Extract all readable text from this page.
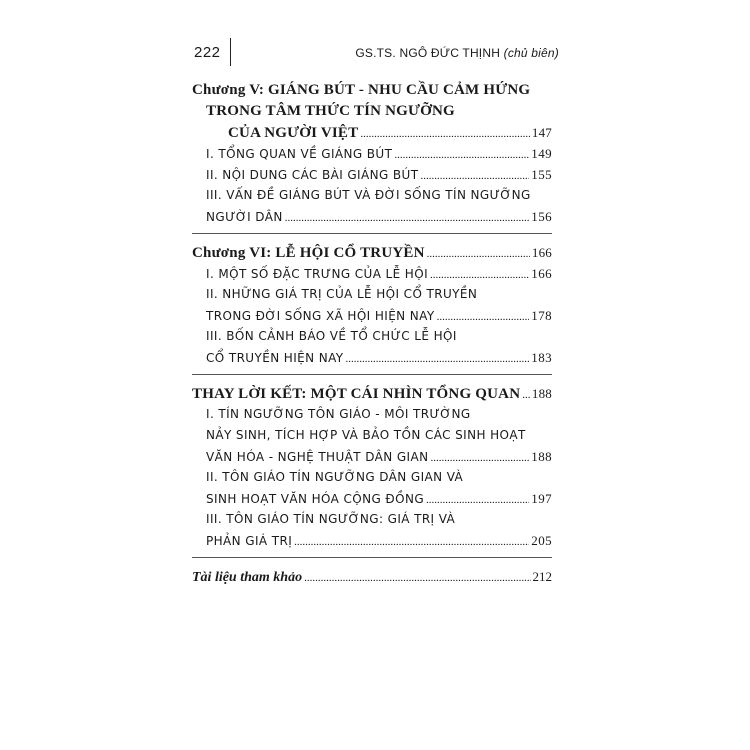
222	GS.TS. NGÔ ĐỨC THỊNH (chủ biên)
Chương V: GIÁNG BÚT - NHU CẦU CẢM HỨNG
TRONG TÂM THỨC TÍN NGƯỠNG
CỦA NGƯỜI VIỆT .....	147
I. TỔNG QUAN VỀ GIÁNG BÚT .....	149
II. NỘI DUNG CÁC BÀI GIÁNG BÚT .....	155
III. VẤN ĐỀ GIÁNG BÚT VÀ ĐỜI SỐNG TÍN NGƯỠNG
NGƯỜI DÂN .....	156
Chương VI: LỄ HỘI CỔ TRUYỀN .....	166
I. MỘT SỐ ĐẶC TRƯNG CỦA LỄ HỘI .....	166
II. NHỮNG GIÁ TRỊ CỦA LỄ HỘI CỔ TRUYỀN
TRONG ĐỜI SỐNG XÃ HỘI HIỆN NAY .....	178
III. BỐN CẢNH BÁO VỀ TỔ CHỨC LỄ HỘI
CỔ TRUYỀN HIỆN NAY .....	183
THAY LỜI KẾT: MỘT CÁI NHÌN TỔNG QUAN ..... 188
I. TÍN NGƯỠNG TÔN GIÁO - MÔI TRƯỜNG
NẢY SINH, TÍCH HỢP VÀ BẢO TỒN CÁC SINH HOẠT
VĂN HÓA - NGHỆ THUẬT DÂN GIAN .....	188
II. TÔN GIÁO TÍN NGƯỠNG DÂN GIAN VÀ
SINH HOẠT VĂN HÓA CỘNG ĐỒNG .....	197
III. TÔN GIÁO TÍN NGƯỠNG: GIÁ TRỊ VÀ
PHẢN GIÁ TRỊ .....	205
Tài liệu tham khảo .....	212
